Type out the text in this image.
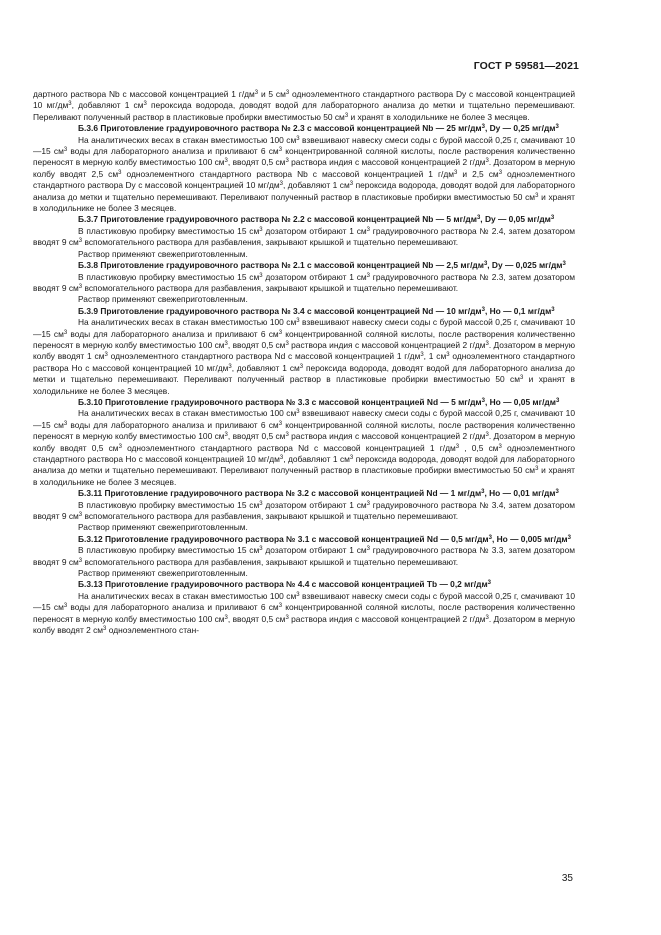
ГОСТ Р 59581—2021

дартного раствора Nb с массовой концентрацией 1 $г/дм^3$ и 5 $см^3$ одноэлементного стандартного раствора Dy с массовой концентрацией 10 $мг/дм^3$, добавляют 1 $см^3$ пероксида водорода, доводят водой для лабораторного анализа до метки и тщательно перемешивают. Переливают полученный раствор в пластиковые пробирки вместимостью 50 $см^3$ и хранят в холодильнике не более 3 месяцев.

Б.3.6 Приготовление градуировочного раствора № 2.3 с массовой концентрацией Nb — 25 $мг/дм^3$, Dy — 0,25 $мг/дм^3$

На аналитических весах в стакан вместимостью 100 $см^3$ взвешивают навеску смеси соды с бурой массой 0,25 г, смачивают 10—15 $см^3$ воды для лабораторного анализа и приливают 6 $см^3$ концентрированной соляной кислоты, после растворения количественно переносят в мерную колбу вместимостью 100 $см^3$, вводят 0,5 $см^3$ раствора индия с массовой концентрацией 2 $г/дм^3$. Дозатором в мерную колбу вводят 2,5 $см^3$ одноэлементного стандартного раствора Nb с массовой концентрацией 1 $г/дм^3$ и 2,5 $см^3$ одноэлементного стандартного раствора Dy с массовой концентрацией 10 $мг/дм^3$, добавляют 1 $см^3$ пероксида водорода, доводят водой для лабораторного анализа до метки и тщательно перемешивают. Переливают полученный раствор в пластиковые пробирки вместимостью 50 $см^3$ и хранят в холодильнике не более 3 месяцев.

Б.3.7 Приготовление градуировочного раствора № 2.2 с массовой концентрацией Nb — 5 $мг/дм^3$, Dy — 0,05 $мг/дм^3$

В пластиковую пробирку вместимостью 15 $см^3$ дозатором отбирают 1 $см^3$ градуировочного раствора № 2.4, затем дозатором вводят 9 $см^3$ вспомогательного раствора для разбавления, закрывают крышкой и тщательно перемешивают.

Раствор применяют свежеприготовленным.

Б.3.8 Приготовление градуировочного раствора № 2.1 с массовой концентрацией Nb — 2,5 $мг/дм^3$, Dy — 0,025 $мг/дм^3$

В пластиковую пробирку вместимостью 15 $см^3$ дозатором отбирают 1 $см^3$ градуировочного раствора № 2.3, затем дозатором вводят 9 $см^3$ вспомогательного раствора для разбавления, закрывают крышкой и тщательно перемешивают.

Раствор применяют свежеприготовленным.

Б.3.9 Приготовление градуировочного раствора № 3.4 с массовой концентрацией Nd — 10 $мг/дм^3$, Ho — 0,1 $мг/дм^3$

На аналитических весах в стакан вместимостью 100 $см^3$ взвешивают навеску смеси соды с бурой массой 0,25 г, смачивают 10—15 $см^3$ воды для лабораторного анализа и приливают 6 $см^3$ концентрированной соляной кислоты, после растворения количественно переносят в мерную колбу вместимостью 100 $см^3$, вводят 0,5 $см^3$ раствора индия с массовой концентрацией 2 $г/дм^3$. Дозатором в мерную колбу вводят 1 $см^3$ одноэлементного стандартного раствора Nd с массовой концентрацией 1 $г/дм^3$, 1 $см^3$ одноэлементного стандартного раствора Ho с массовой концентрацией 10 $мг/дм^3$, добавляют 1 $см^3$ пероксида водорода, доводят водой для лабораторного анализа до метки и тщательно перемешивают. Переливают полученный раствор в пластиковые пробирки вместимостью 50 $см^3$ и хранят в холодильнике не более 3 месяцев.

Б.3.10 Приготовление градуировочного раствора № 3.3 с массовой концентрацией Nd — 5 $мг/дм^3$, Ho — 0,05 $мг/дм^3$

На аналитических весах в стакан вместимостью 100 $см^3$ взвешивают навеску смеси соды с бурой массой 0,25 г, смачивают 10—15 $см^3$ воды для лабораторного анализа и приливают 6 $см^3$ концентрированной соляной кислоты, после растворения количественно переносят в мерную колбу вместимостью 100 $см^3$, вводят 0,5 $см^3$ раствора индия с массовой концентрацией 2 $г/дм^3$. Дозатором в мерную колбу вводят 0,5 $см^3$ одноэлементного стандартного раствора Nd с массовой концентрацией 1 $г/дм^3$ , 0,5 $см^3$ одноэлементного стандартного раствора Ho с массовой концентрацией 10 $мг/дм^3$, добавляют 1 $см^3$ пероксида водорода, доводят водой для лабораторного анализа до метки и тщательно перемешивают. Переливают полученный раствор в пластиковые пробирки вместимостью 50 $см^3$ и хранят в холодильнике не более 3 месяцев.

Б.3.11 Приготовление градуировочного раствора № 3.2 с массовой концентрацией Nd — 1 $мг/дм^3$, Ho — 0,01 $мг/дм^3$

В пластиковую пробирку вместимостью 15 $см^3$ дозатором отбирают 1 $см^3$ градуировочного раствора № 3.4, затем дозатором вводят 9 $см^3$ вспомогательного раствора для разбавления, закрывают крышкой и тщательно перемешивают.

Раствор применяют свежеприготовленным.

Б.3.12 Приготовление градуировочного раствора № 3.1 с массовой концентрацией Nd — 0,5 $мг/дм^3$, Ho — 0,005 $мг/дм^3$

В пластиковую пробирку вместимостью 15 $см^3$ дозатором отбирают 1 $см^3$ градуировочного раствора № 3.3, затем дозатором вводят 9 $см^3$ вспомогательного раствора для разбавления, закрывают крышкой и тщательно перемешивают.

Раствор применяют свежеприготовленным.

Б.3.13 Приготовление градуировочного раствора № 4.4 с массовой концентрацией Tb — 0,2 $мг/дм^3$

На аналитических весах в стакан вместимостью 100 $см^3$ взвешивают навеску смеси соды с бурой массой 0,25 г, смачивают 10—15 $см^3$ воды для лабораторного анализа и приливают 6 $см^3$ концентрированной соляной кислоты, после растворения количественно переносят в мерную колбу вместимостью 100 $см^3$, вводят 0,5 $см^3$ раствора индия с массовой концентрацией 2 $г/дм^3$. Дозатором в мерную колбу вводят 2 $см^3$ одноэлементного стан-

35
